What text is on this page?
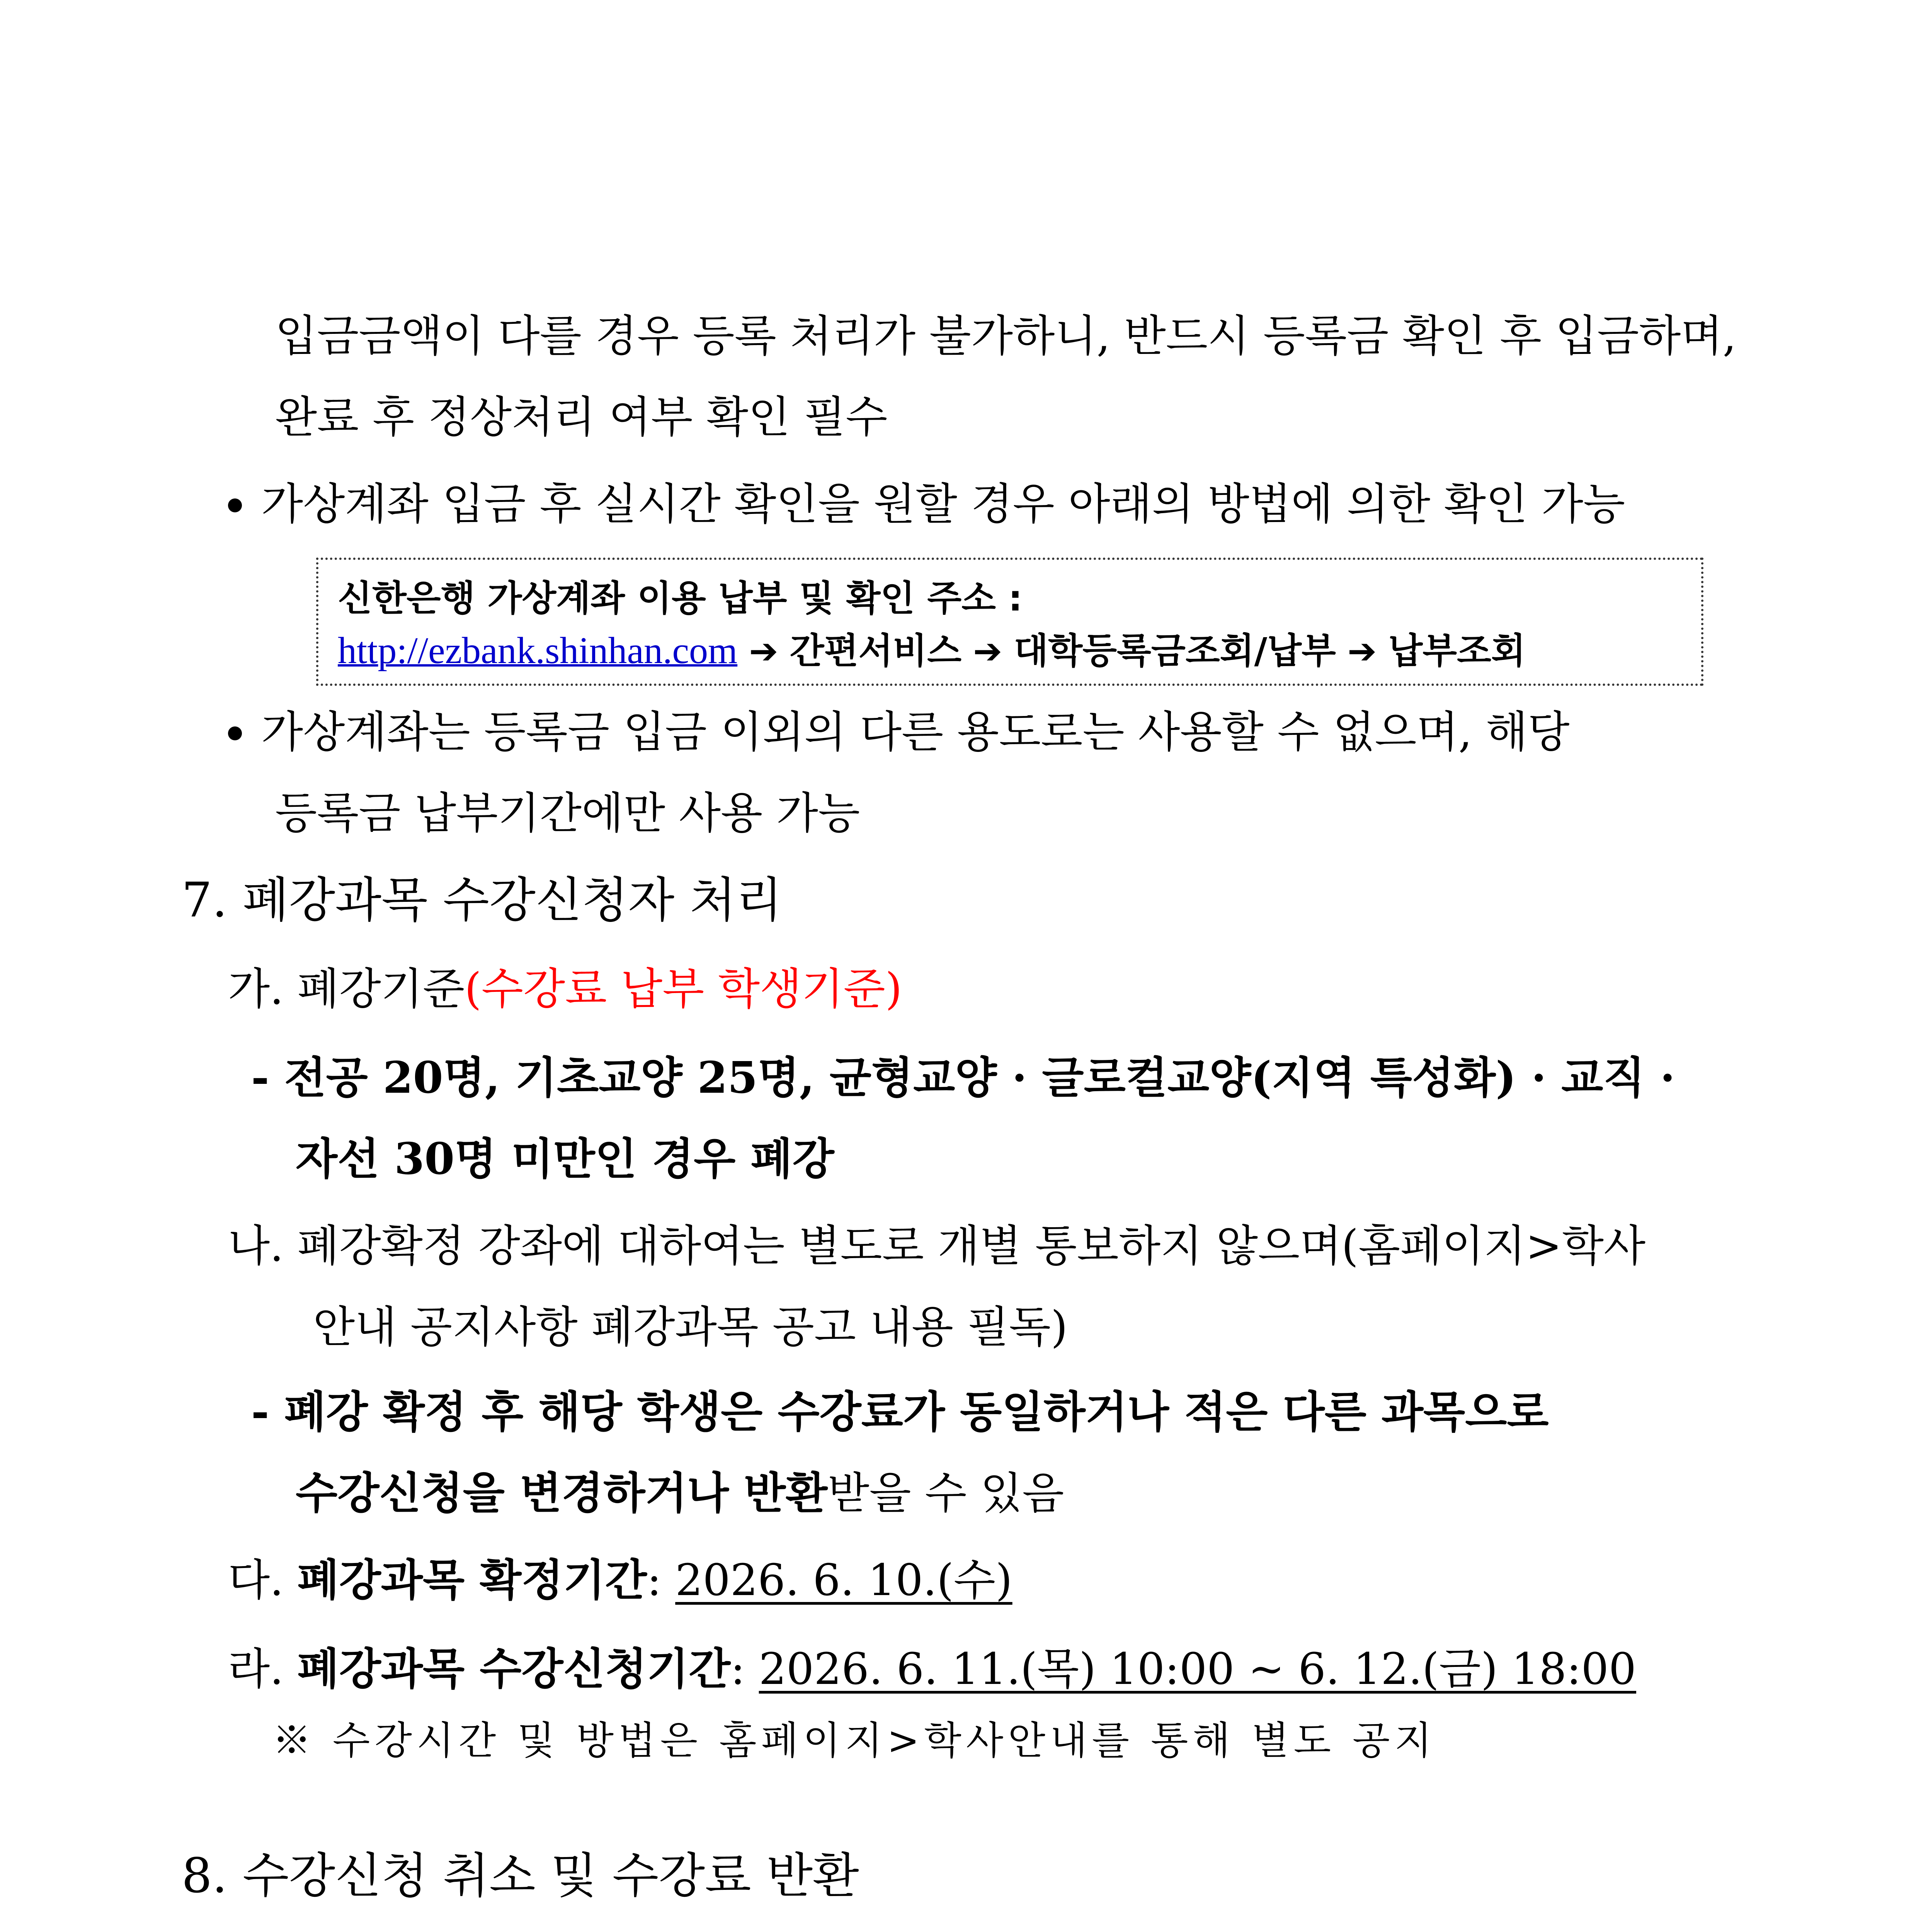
입금금액이 다를 경우 등록 처리가 불가하니, 반드시 등록금 확인 후 입금하며,
완료 후 정상처리 여부 확인 필수
가상계좌 입금 후 실시간 확인을 원할 경우 아래의 방법에 의한 확인 가능
신한은행 가상계좌 이용 납부 및 확인 주소 :
http://ezbank.shinhan.com ➔ 간편서비스 ➔ 대학등록금조회/납부 ➔ 납부조회
가상계좌는 등록금 입금 이외의 다른 용도로는 사용할 수 없으며, 해당
등록금 납부기간에만 사용 가능
7. 폐강과목 수강신청자 처리
가. 폐강기준(수강료 납부 학생기준)
- 전공 20명, 기초교양 25명, 균형교양 · 글로컬교양(지역 특성화) · 교직 ·
자선 30명 미만인 경우 폐강
나. 폐강확정 강좌에 대하여는 별도로 개별 통보하지 않으며(홈페이지>학사
안내 공지사항 폐강과목 공고 내용 필독)
- 폐강 확정 후 해당 학생은 수강료가 동일하거나 적은 다른 과목으로
수강신청을 변경하거나 반환받을 수 있음
다. 폐강과목 확정기간: 2026. 6. 10.(수)
라. 폐강과목 수강신청기간: 2026. 6. 11.(목) 10:00 ~ 6. 12.(금) 18:00
※ 수강시간 및 방법은 홈페이지>학사안내를 통해 별도 공지
8. 수강신청 취소 및 수강료 반환
